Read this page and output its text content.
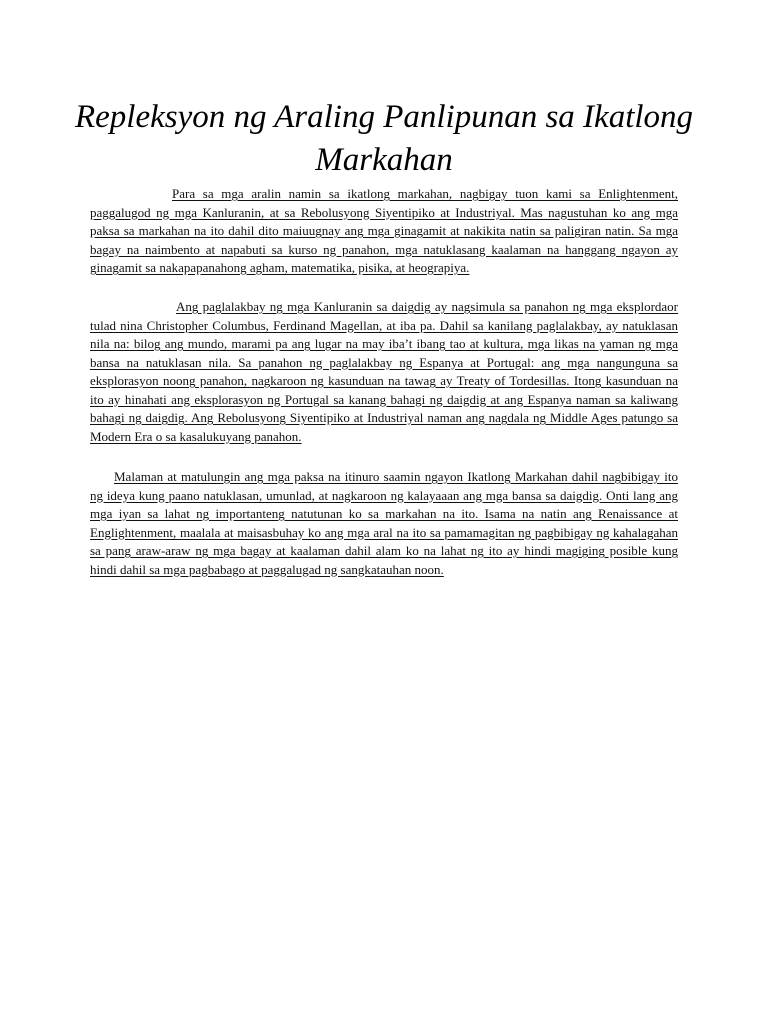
Repleksyon ng Araling Panlipunan sa Ikatlong Markahan

Para sa mga aralin namin sa ikatlong markahan, nagbigay tuon kami sa Enlightenment, paggalugod ng mga Kanluranin, at sa Rebolusyong Siyentipiko at Industriyal. Mas nagustuhan ko ang mga paksa sa markahan na ito dahil dito maiuugnay ang mga ginagamit at nakikita natin sa paligiran natin. Sa mga bagay na naimbento at napabuti sa kurso ng panahon, mga natuklasang kaalaman na hanggang ngayon ay ginagamit sa nakapapanahong agham, matematika, pisika, at heograpiya.

Ang paglalakbay ng mga Kanluranin sa daigdig ay nagsimula sa panahon ng mga eksplordaor tulad nina Christopher Columbus, Ferdinand Magellan, at iba pa. Dahil sa kanilang paglalakbay, ay natuklasan nila na: bilog ang mundo, marami pa ang lugar na may iba’t ibang tao at kultura, mga likas na yaman ng mga bansa na natuklasan nila. Sa panahon ng paglalakbay ng Espanya at Portugal: ang mga nangunguna sa eksplorasyon noong panahon, nagkaroon ng kasunduan na tawag ay Treaty of Tordesillas. Itong kasunduan na ito ay hinahati ang eksplorasyon ng Portugal sa kanang bahagi ng daigdig at ang Espanya naman sa kaliwang bahagi ng daigdig. Ang Rebolusyong Siyentipiko at Industriyal naman ang nagdala ng Middle Ages patungo sa Modern Era o sa kasalukuyang panahon.

Malaman at matulungin ang mga paksa na itinuro saamin ngayon Ikatlong Markahan dahil nagbibigay ito ng ideya kung paano natuklasan, umunlad, at nagkaroon ng kalayaaan ang mga bansa sa daigdig. Onti lang ang mga iyan sa lahat ng importanteng natutunan ko sa markahan na ito. Isama na natin ang Renaissance at Englightenment, maalala at maisasbuhay ko ang mga aral na ito sa pamamagitan ng pagbibigay ng kahalagahan sa pang araw-araw ng mga bagay at kaalaman dahil alam ko na lahat ng ito ay hindi magiging posible kung hindi dahil sa mga pagbabago at paggalugad ng sangkatauhan noon.
